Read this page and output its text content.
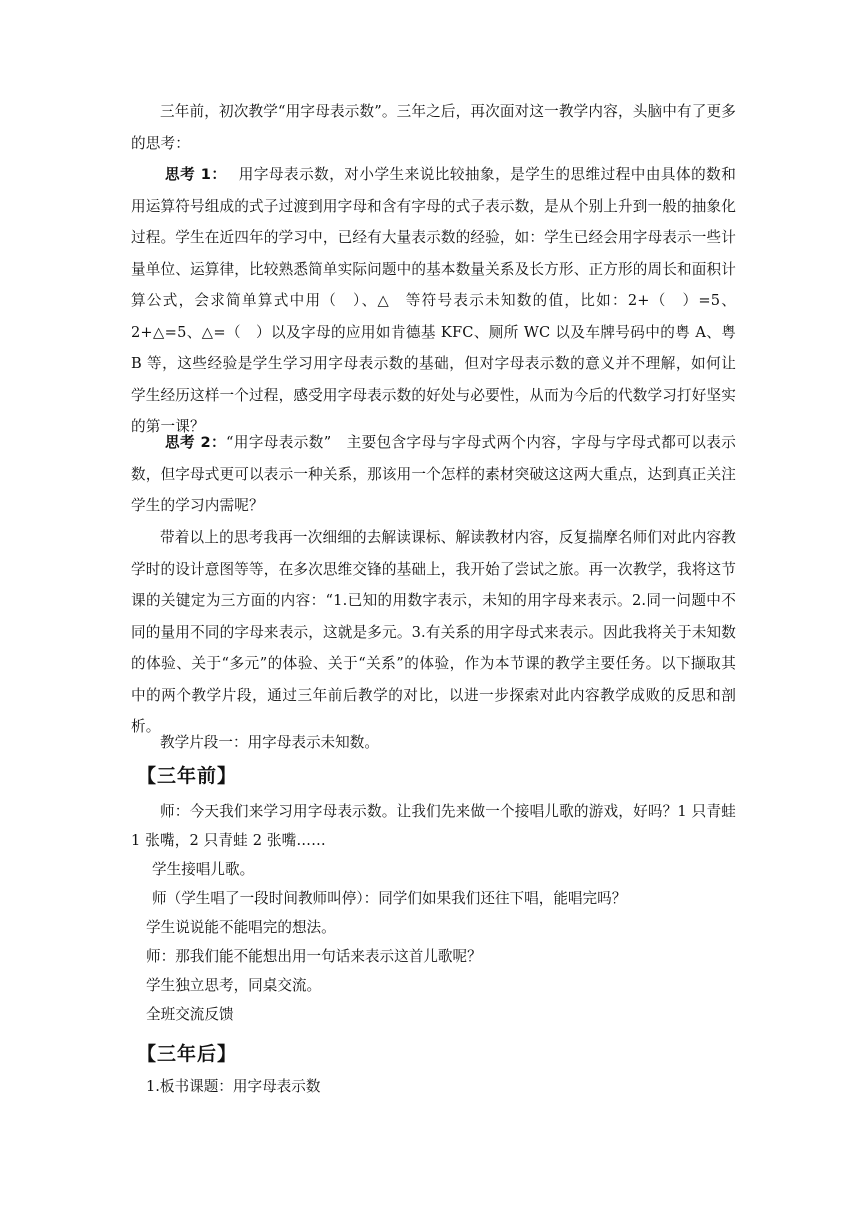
三年前，初次教学“用字母表示数”。三年之后，再次面对这一教学内容，头脑中有了更多的思考：

思考 1： 用字母表示数，对小学生来说比较抽象，是学生的思维过程中由具体的数和用运算符号组成的式子过渡到用字母和含有字母的式子表示数，是从个别上升到一般的抽象化过程。学生在近四年的学习中，已经有大量表示数的经验，如：学生已经会用字母表示一些计量单位、运算律，比较熟悉简单实际问题中的基本数量关系及长方形、正方形的周长和面积计算公式，会求简单算式中用（　）、△　等符号表示未知数的值，比如：2+（　）=5、2+△=5、△=（　）以及字母的应用如肯德基 KFC、厕所 WC 以及车牌号码中的粤 A、粤 B 等，这些经验是学生学习用字母表示数的基础，但对字母表示数的意义并不理解，如何让学生经历这样一个过程，感受用字母表示数的好处与必要性，从而为今后的代数学习打好坚实的第一课？

思考 2：“用字母表示数”　主要包含字母与字母式两个内容，字母与字母式都可以表示数，但字母式更可以表示一种关系，那该用一个怎样的素材突破这这两大重点，达到真正关注学生的学习内需呢？

带着以上的思考我再一次细细的去解读课标、解读教材内容，反复揣摩名师们对此内容教学时的设计意图等等，在多次思维交锋的基础上，我开始了尝试之旅。再一次教学，我将这节课的关键定为三方面的内容：“1.已知的用数字表示，未知的用字母来表示。2.同一问题中不同的量用不同的字母来表示，这就是多元。3.有关系的用字母式来表示。因此我将关于未知数的体验、关于“多元”的体验、关于“关系”的体验，作为本节课的教学主要任务。以下撷取其中的两个教学片段，通过三年前后教学的对比，以进一步探索对此内容教学成败的反思和剖析。

教学片段一：用字母表示未知数。

【三年前】

师：今天我们来学习用字母表示数。让我们先来做一个接唱儿歌的游戏，好吗？1 只青蛙 1 张嘴，2 只青蛙 2 张嘴……

学生接唱儿歌。

师（学生唱了一段时间教师叫停）：同学们如果我们还往下唱，能唱完吗？

学生说说能不能唱完的想法。

师：那我们能不能想出用一句话来表示这首儿歌呢？

学生独立思考，同桌交流。

全班交流反馈

【三年后】

1.板书课题：用字母表示数
